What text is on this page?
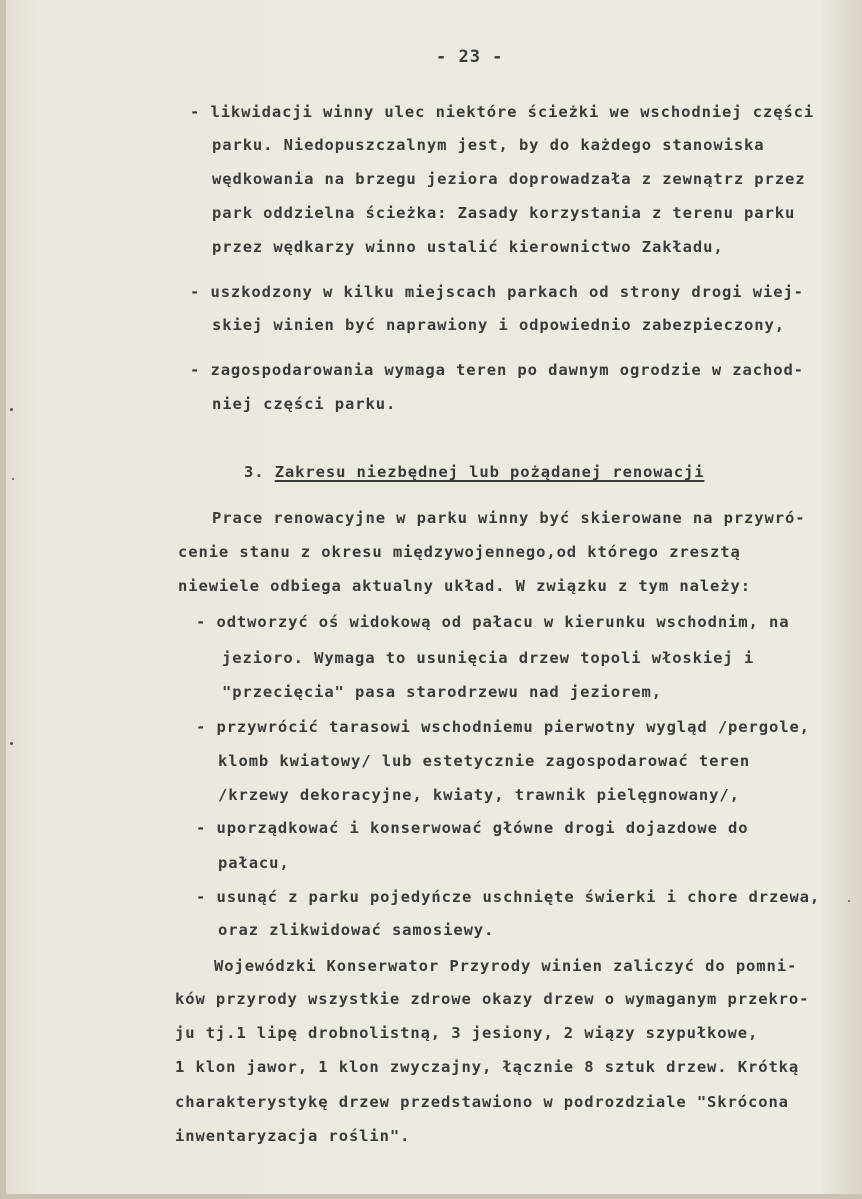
- 23 -
- likwidacji winny ulec niektóre ścieżki we wschodniej części
parku. Niedopuszczalnym jest, by do każdego stanowiska
wędkowania na brzegu jeziora doprowadzała z zewnątrz przez
park oddzielna ścieżka: Zasady korzystania z terenu parku
przez wędkarzy winno ustalić kierownictwo Zakładu,
- uszkodzony w kilku miejscach parkach od strony drogi wiej-
skiej winien być naprawiony i odpowiednio zabezpieczony,
- zagospodarowania wymaga teren po dawnym ogrodzie w zachod-
niej części parku.
3. Zakresu niezbędnej lub pożądanej renowacji
Prace renowacyjne w parku winny być skierowane na przywró-
cenie stanu z okresu międzywojennego,od którego zresztą
niewiele odbiega aktualny układ. W związku z tym należy:
- odtworzyć oś widokową od pałacu w kierunku wschodnim, na
jezioro. Wymaga to usunięcia drzew topoli włoskiej i
"przecięcia" pasa starodrzewu nad jeziorem,
- przywrócić tarasowi wschodniemu pierwotny wygląd /pergole,
klomb kwiatowy/ lub estetycznie zagospodarować teren
/krzewy dekoracyjne, kwiaty, trawnik pielęgnowany/,
- uporządkować i konserwować główne drogi dojazdowe do
pałacu,
- usunąć z parku pojedyńcze uschnięte świerki i chore drzewa,
oraz zlikwidować samosiewy.
Wojewódzki Konserwator Przyrody winien zaliczyć do pomni-
ków przyrody wszystkie zdrowe okazy drzew o wymaganym przekro-
ju tj.1 lipę drobnolistną, 3 jesiony, 2 wiązy szypułkowe,
1 klon jawor, 1 klon zwyczajny, łącznie 8 sztuk drzew. Krótką
charakterystykę drzew przedstawiono w podrozdziale "Skrócona
inwentaryzacja roślin".
